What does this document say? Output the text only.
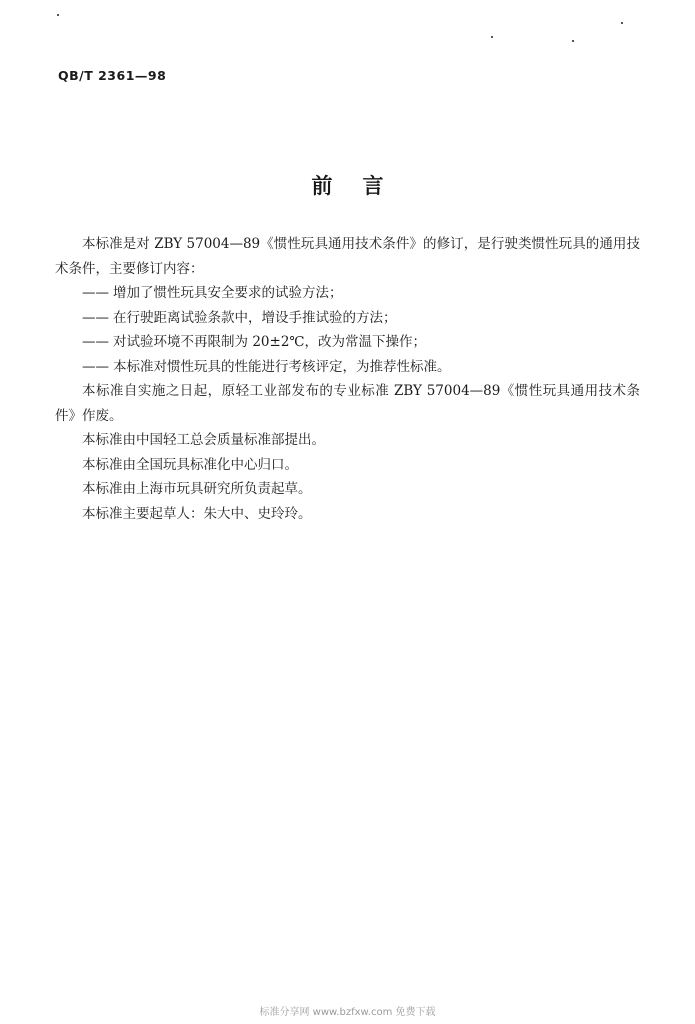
QB/T 2361—98
前言

本标准是对 ZBY 57004—89《惯性玩具通用技术条件》的修订，是行驶类惯性玩具的通用技术条件，主要修订内容：

—— 增加了惯性玩具安全要求的试验方法；

—— 在行驶距离试验条款中，增设手推试验的方法；

—— 对试验环境不再限制为 20±2℃，改为常温下操作；

—— 本标准对惯性玩具的性能进行考核评定，为推荐性标准。

本标准自实施之日起，原轻工业部发布的专业标准 ZBY 57004—89《惯性玩具通用技术条件》作废。

本标准由中国轻工总会质量标准部提出。

本标准由全国玩具标准化中心归口。

本标准由上海市玩具研究所负责起草。

本标准主要起草人：朱大中、史玲玲。

标准分享网 www.bzfxw.com 免费下载
